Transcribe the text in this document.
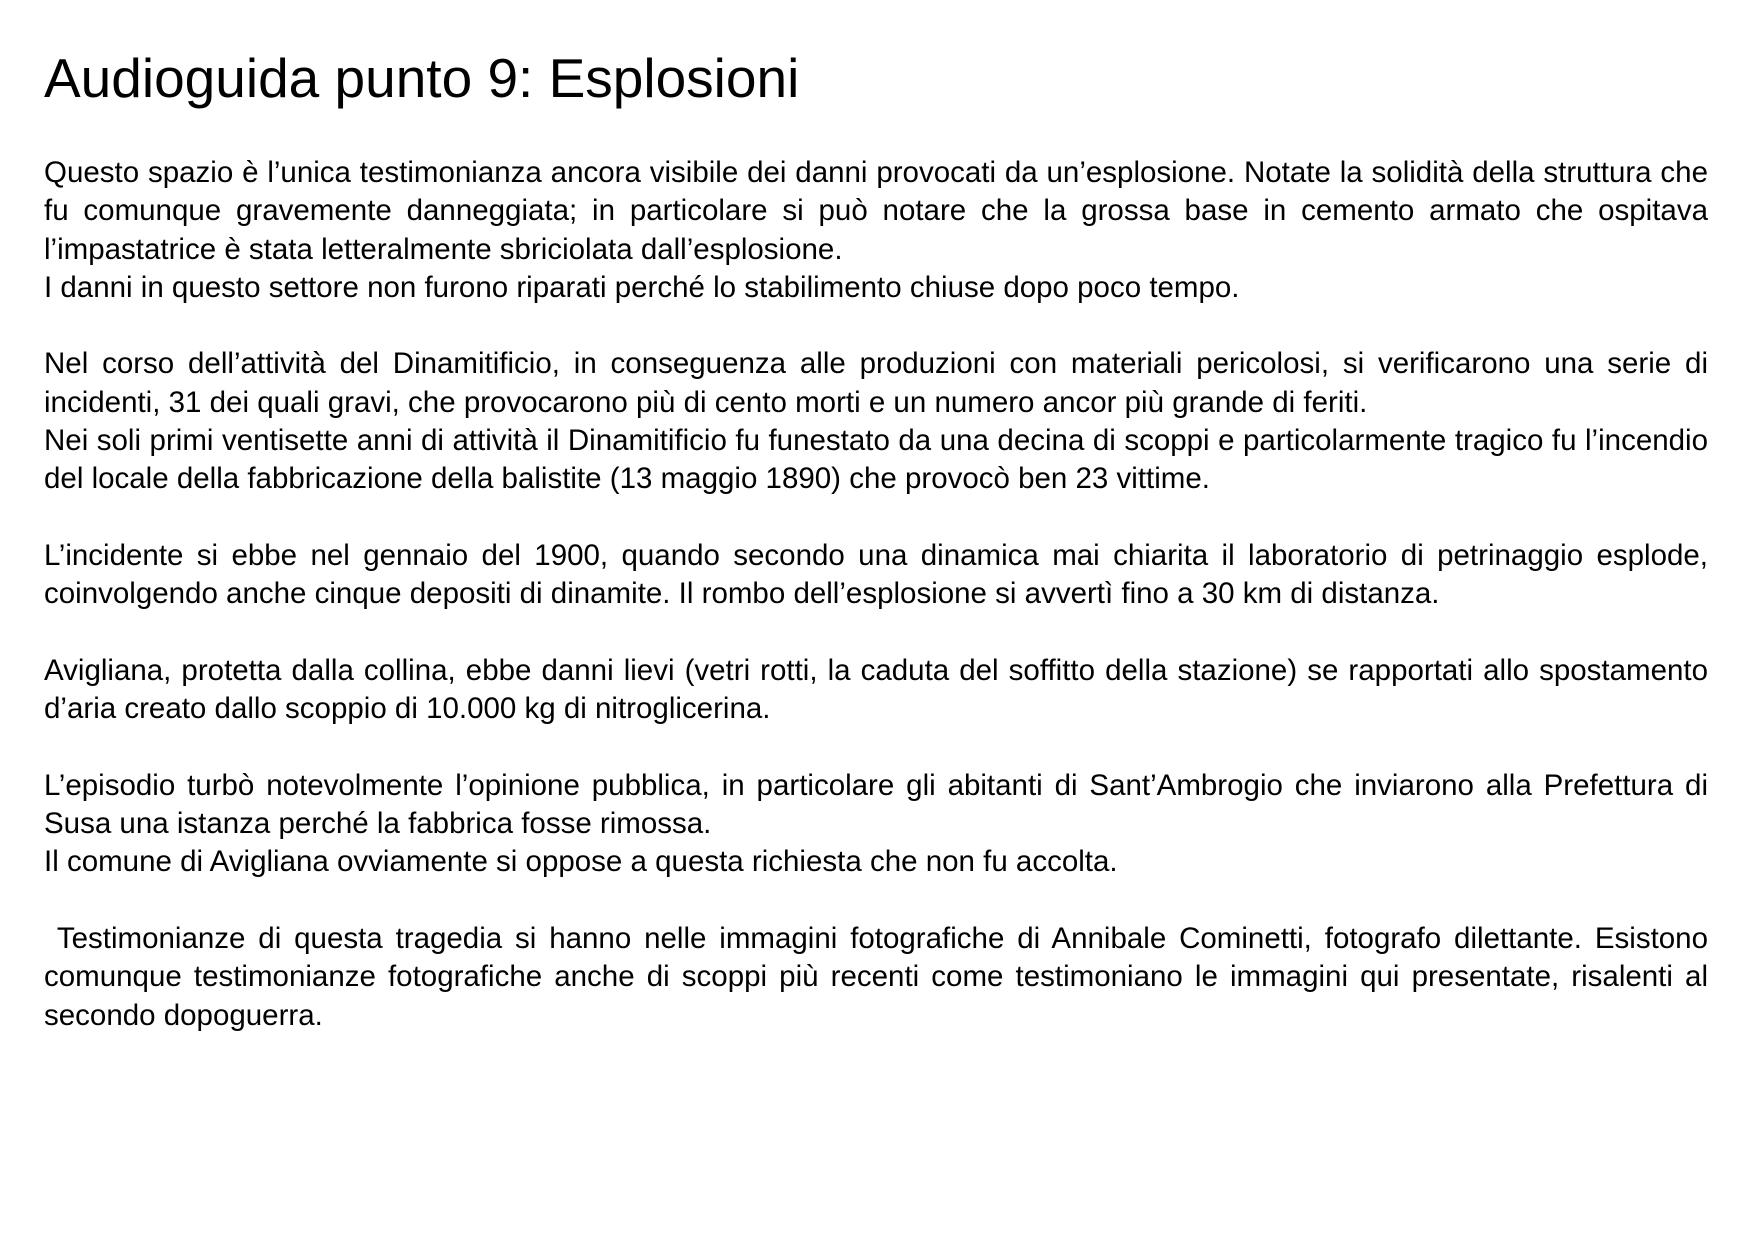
Audioguida punto 9: Esplosioni

Questo spazio è l’unica testimonianza ancora visibile dei danni provocati da un’esplosione. Notate la solidità della struttura che fu comunque gravemente danneggiata; in particolare si può notare che la grossa base in cemento armato che ospitava l’impastatrice è stata letteralmente sbriciolata dall’esplosione.

I danni in questo settore non furono riparati perché lo stabilimento chiuse dopo poco tempo.

Nel corso dell’attività del Dinamitificio, in conseguenza alle produzioni con materiali pericolosi, si verificarono una serie di incidenti, 31 dei quali gravi, che provocarono più di cento morti e un numero ancor più grande di feriti.

Nei soli primi ventisette anni di attività il Dinamitificio fu funestato da una decina di scoppi e particolarmente tragico fu l’incendio del locale della fabbricazione della balistite (13 maggio 1890) che provocò ben 23 vittime.

L’incidente si ebbe nel gennaio del 1900, quando secondo una dinamica mai chiarita il laboratorio di petrinaggio esplode, coinvolgendo anche cinque depositi di dinamite. Il rombo dell’esplosione si avvertì fino a 30 km di distanza.

Avigliana, protetta dalla collina, ebbe danni lievi (vetri rotti, la caduta del soffitto della stazione) se rapportati allo spostamento d’aria creato dallo scoppio di 10.000 kg di nitroglicerina.

L’episodio turbò notevolmente l’opinione pubblica, in particolare gli abitanti di Sant’Ambrogio che inviarono alla Prefettura di Susa una istanza perché la fabbrica fosse rimossa.

Il comune di Avigliana ovviamente si oppose a questa richiesta che non fu accolta.

Testimonianze di questa tragedia si hanno nelle immagini fotografiche di Annibale Cominetti, fotografo dilettante. Esistono comunque testimonianze fotografiche anche di scoppi più recenti come testimoniano le immagini qui presentate, risalenti al secondo dopoguerra.
